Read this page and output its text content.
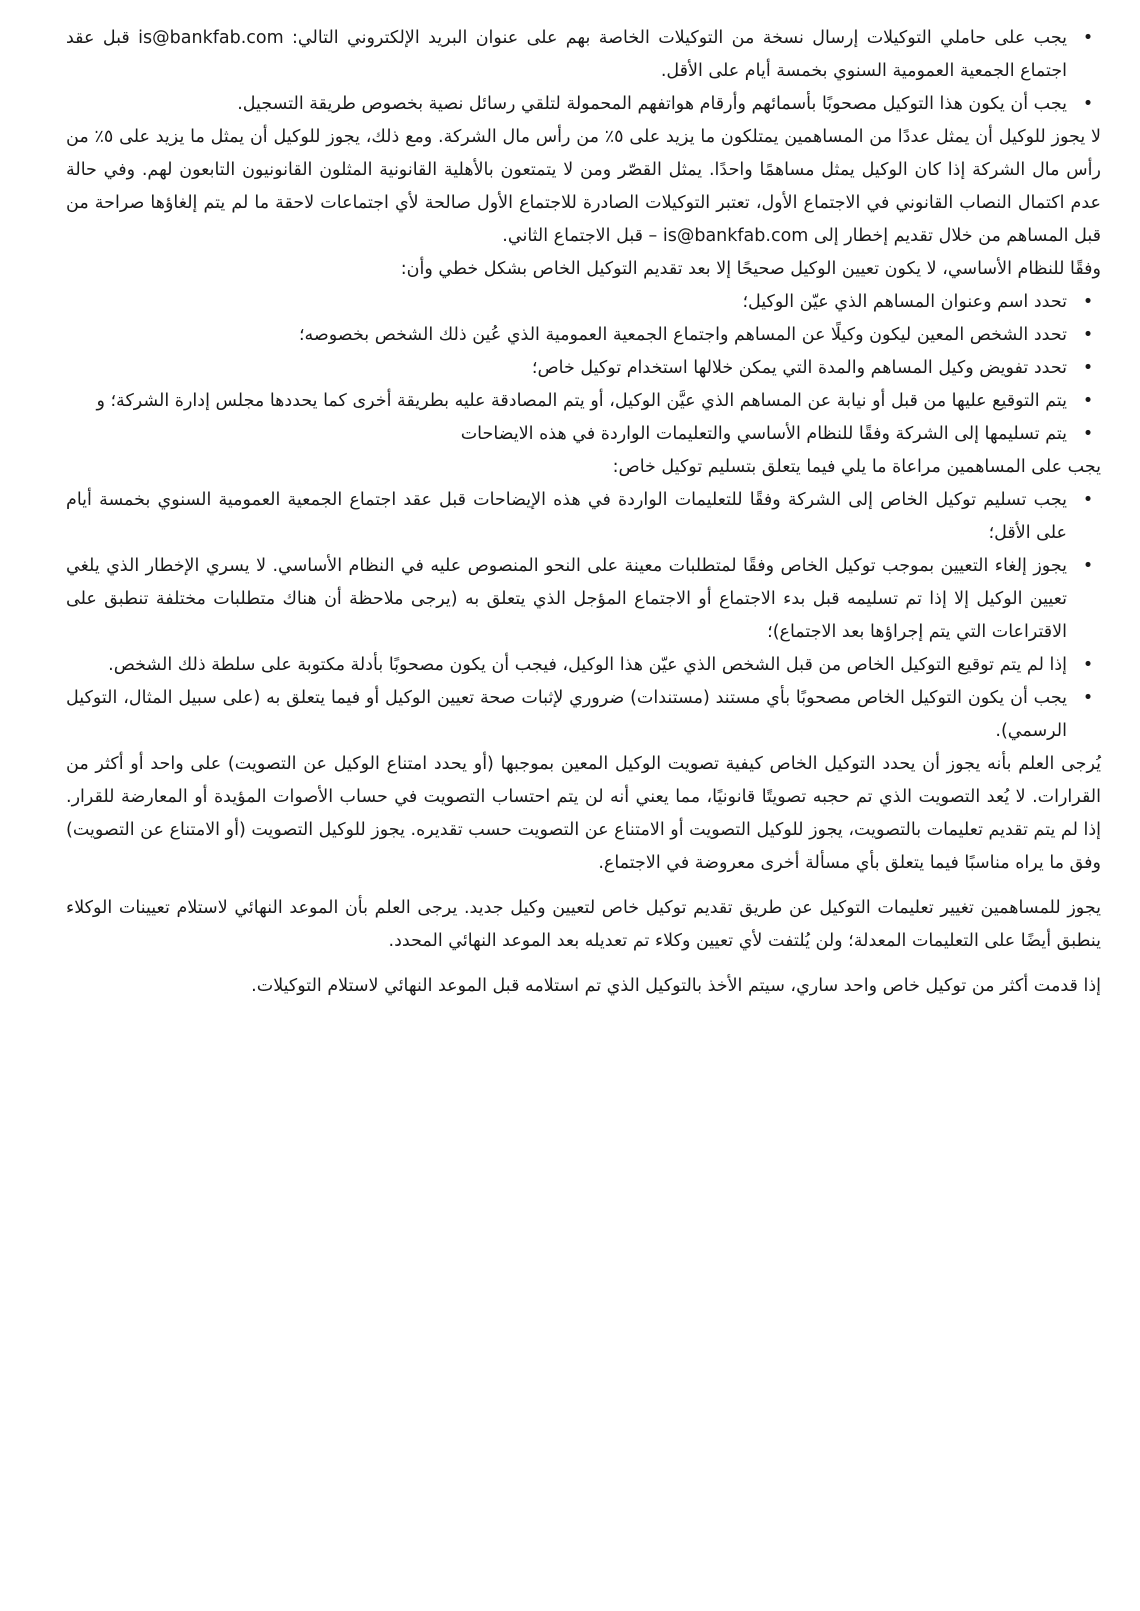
•
يجب على حاملي التوكيلات إرسال نسخة من التوكيلات الخاصة بهم على عنوان البريد الإلكتروني التالي: is@bankfab.com قبل عقد اجتماع الجمعية العمومية السنوي بخمسة أيام على الأقل.
•
يجب أن يكون هذا التوكيل مصحوبًا بأسمائهم وأرقام هواتفهم المحمولة لتلقي رسائل نصية بخصوص طريقة التسجيل.

لا يجوز للوكيل أن يمثل عددًا من المساهمين يمتلكون ما يزيد على ٥٪ من رأس مال الشركة. ومع ذلك، يجوز للوكيل أن يمثل ما يزيد على ٥٪ من رأس مال الشركة إذا كان الوكيل يمثل مساهمًا واحدًا. يمثل القصّر ومن لا يتمتعون بالأهلية القانونية المثلون القانونيون التابعون لهم. وفي حالة عدم اكتمال النصاب القانوني في الاجتماع الأول، تعتبر التوكيلات الصادرة للاجتماع الأول صالحة لأي اجتماعات لاحقة ما لم يتم إلغاؤها صراحة من قبل المساهم من خلال تقديم إخطار إلى is@bankfab.com – قبل الاجتماع الثاني.

وفقًا للنظام الأساسي، لا يكون تعيين الوكيل صحيحًا إلا بعد تقديم التوكيل الخاص بشكل خطي وأن:

•
تحدد اسم وعنوان المساهم الذي عيّن الوكيل؛
•
تحدد الشخص المعين ليكون وكيلًا عن المساهم واجتماع الجمعية العمومية الذي عُين ذلك الشخص بخصوصه؛
•
تحدد تفويض وكيل المساهم والمدة التي يمكن خلالها استخدام توكيل خاص؛
•
يتم التوقيع عليها من قبل أو نيابة عن المساهم الذي عيَّن الوكيل، أو يتم المصادقة عليه بطريقة أخرى كما يحددها مجلس إدارة الشركة؛ و
•
يتم تسليمها إلى الشركة وفقًا للنظام الأساسي والتعليمات الواردة في هذه الايضاحات

يجب على المساهمين مراعاة ما يلي فيما يتعلق بتسليم توكيل خاص:

•
يجب تسليم توكيل الخاص إلى الشركة وفقًا للتعليمات الواردة في هذه الإيضاحات قبل عقد اجتماع الجمعية العمومية السنوي بخمسة أيام على الأقل؛
•
يجوز إلغاء التعيين بموجب توكيل الخاص وفقًا لمتطلبات معينة على النحو المنصوص عليه في النظام الأساسي. لا يسري الإخطار الذي يلغي تعيين الوكيل إلا إذا تم تسليمه قبل بدء الاجتماع أو الاجتماع المؤجل الذي يتعلق به (يرجى ملاحظة أن هناك متطلبات مختلفة تنطبق على الاقتراعات التي يتم إجراؤها بعد الاجتماع)؛
•
إذا لم يتم توقيع التوكيل الخاص من قبل الشخص الذي عيّن هذا الوكيل، فيجب أن يكون مصحوبًا بأدلة مكتوبة على سلطة ذلك الشخص.
•
يجب أن يكون التوكيل الخاص مصحوبًا بأي مستند (مستندات) ضروري لإثبات صحة تعيين الوكيل أو فيما يتعلق به (على سبيل المثال، التوكيل الرسمي).

يُرجى العلم بأنه يجوز أن يحدد التوكيل الخاص كيفية تصويت الوكيل المعين بموجبها (أو يحدد امتناع الوكيل عن التصويت) على واحد أو أكثر من القرارات. لا يُعد التصويت الذي تم حجبه تصويتًا قانونيًا، مما يعني أنه لن يتم احتساب التصويت في حساب الأصوات المؤيدة أو المعارضة للقرار. إذا لم يتم تقديم تعليمات بالتصويت، يجوز للوكيل التصويت أو الامتناع عن التصويت حسب تقديره. يجوز للوكيل التصويت (أو الامتناع عن التصويت) وفق ما يراه مناسبًا فيما يتعلق بأي مسألة أخرى معروضة في الاجتماع.

يجوز للمساهمين تغيير تعليمات التوكيل عن طريق تقديم توكيل خاص لتعيين وكيل جديد. يرجى العلم بأن الموعد النهائي لاستلام تعيينات الوكلاء ينطبق أيضًا على التعليمات المعدلة؛ ولن يُلتفت لأي تعيين وكلاء تم تعديله بعد الموعد النهائي المحدد.

إذا قدمت أكثر من توكيل خاص واحد ساري، سيتم الأخذ بالتوكيل الذي تم استلامه قبل الموعد النهائي لاستلام التوكيلات.
